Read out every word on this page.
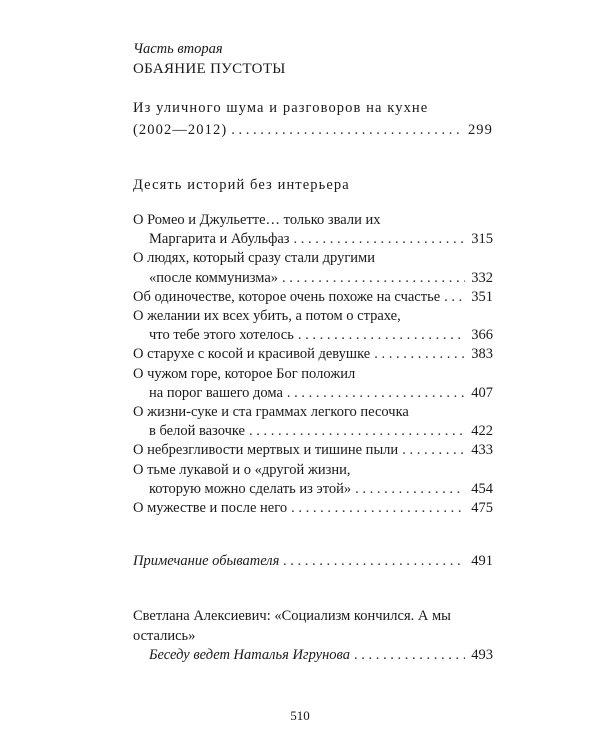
Часть вторая

ОБАЯНИЕ ПУСТОТЫ

Из уличного шума и разговоров на кухне
(2002—2012) . . .	299
Десять историй без интерьера
О Ромео и Джульетте… только звали их
Маргарита и Абульфаз . . .	315
О людях, который сразу стали другими
«после коммунизма» . . .	332
Об одиночестве, которое очень похоже на счастье . . . 351
О желании их всех убить, а потом о страхе,
что тебе этого хотелось . . .	366
О старухе с косой и красивой девушке . . .	383
О чужом горе, которое Бог положил
на порог вашего дома . . .	407
О жизни-суке и ста граммах легкого песочка
в белой вазочке . . .	422
О небрезгливости мертвых и тишине пыли . . .	433
О тьме лукавой и о «другой жизни,
которую можно сделать из этой» . . .	454
О мужестве и после него . . .	475
Примечание обывателя . . .	491
Светлана Алексиевич: «Социализм кончился. А мы
остались»
Беседу ведет Наталья Игрунова . . .	493
510
